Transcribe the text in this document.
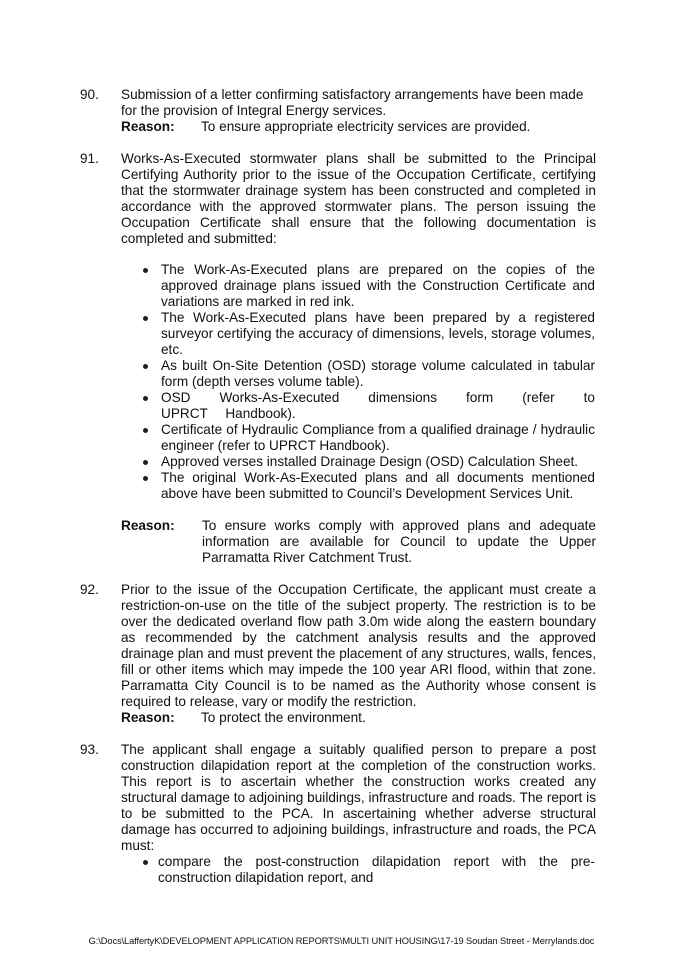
90. Submission of a letter confirming satisfactory arrangements have been made for the provision of Integral Energy services.

Reason: To ensure appropriate electricity services are provided.
91. Works-As-Executed stormwater plans shall be submitted to the Principal Certifying Authority prior to the issue of the Occupation Certificate, certifying that the stormwater drainage system has been constructed and completed in accordance with the approved stormwater plans. The person issuing the Occupation Certificate shall ensure that the following documentation is completed and submitted:
The Work-As-Executed plans are prepared on the copies of the approved drainage plans issued with the Construction Certificate and variations are marked in red ink.
The Work-As-Executed plans have been prepared by a registered surveyor certifying the accuracy of dimensions, levels, storage volumes, etc.
As built On-Site Detention (OSD) storage volume calculated in tabular form (depth verses volume table).
OSD Works-As-Executed dimensions form (refer to UPRCT Handbook).
Certificate of Hydraulic Compliance from a qualified drainage / hydraulic engineer (refer to UPRCT Handbook).
Approved verses installed Drainage Design (OSD) Calculation Sheet.
The original Work-As-Executed plans and all documents mentioned above have been submitted to Council’s Development Services Unit.
Reason:	To ensure works comply with approved plans and adequate information are available for Council to update the Upper Parramatta River Catchment Trust.
92. Prior to the issue of the Occupation Certificate, the applicant must create a restriction-on-use on the title of the subject property. The restriction is to be over the dedicated overland flow path 3.0m wide along the eastern boundary as recommended by the catchment analysis results and the approved drainage plan and must prevent the placement of any structures, walls, fences, fill or other items which may impede the 100 year ARI flood, within that zone. Parramatta City Council is to be named as the Authority whose consent is required to release, vary or modify the restriction.

Reason: To protect the environment.
93. The applicant shall engage a suitably qualified person to prepare a post construction dilapidation report at the completion of the construction works. This report is to ascertain whether the construction works created any structural damage to adjoining buildings, infrastructure and roads. The report is to be submitted to the PCA. In ascertaining whether adverse structural damage has occurred to adjoining buildings, infrastructure and roads, the PCA must:
compare the post-construction dilapidation report with the pre-construction dilapidation report, and
G:\Docs\LaffertyK\DEVELOPMENT APPLICATION REPORTS\MULTI UNIT HOUSING\17-19 Soudan Street - Merrylands.doc
